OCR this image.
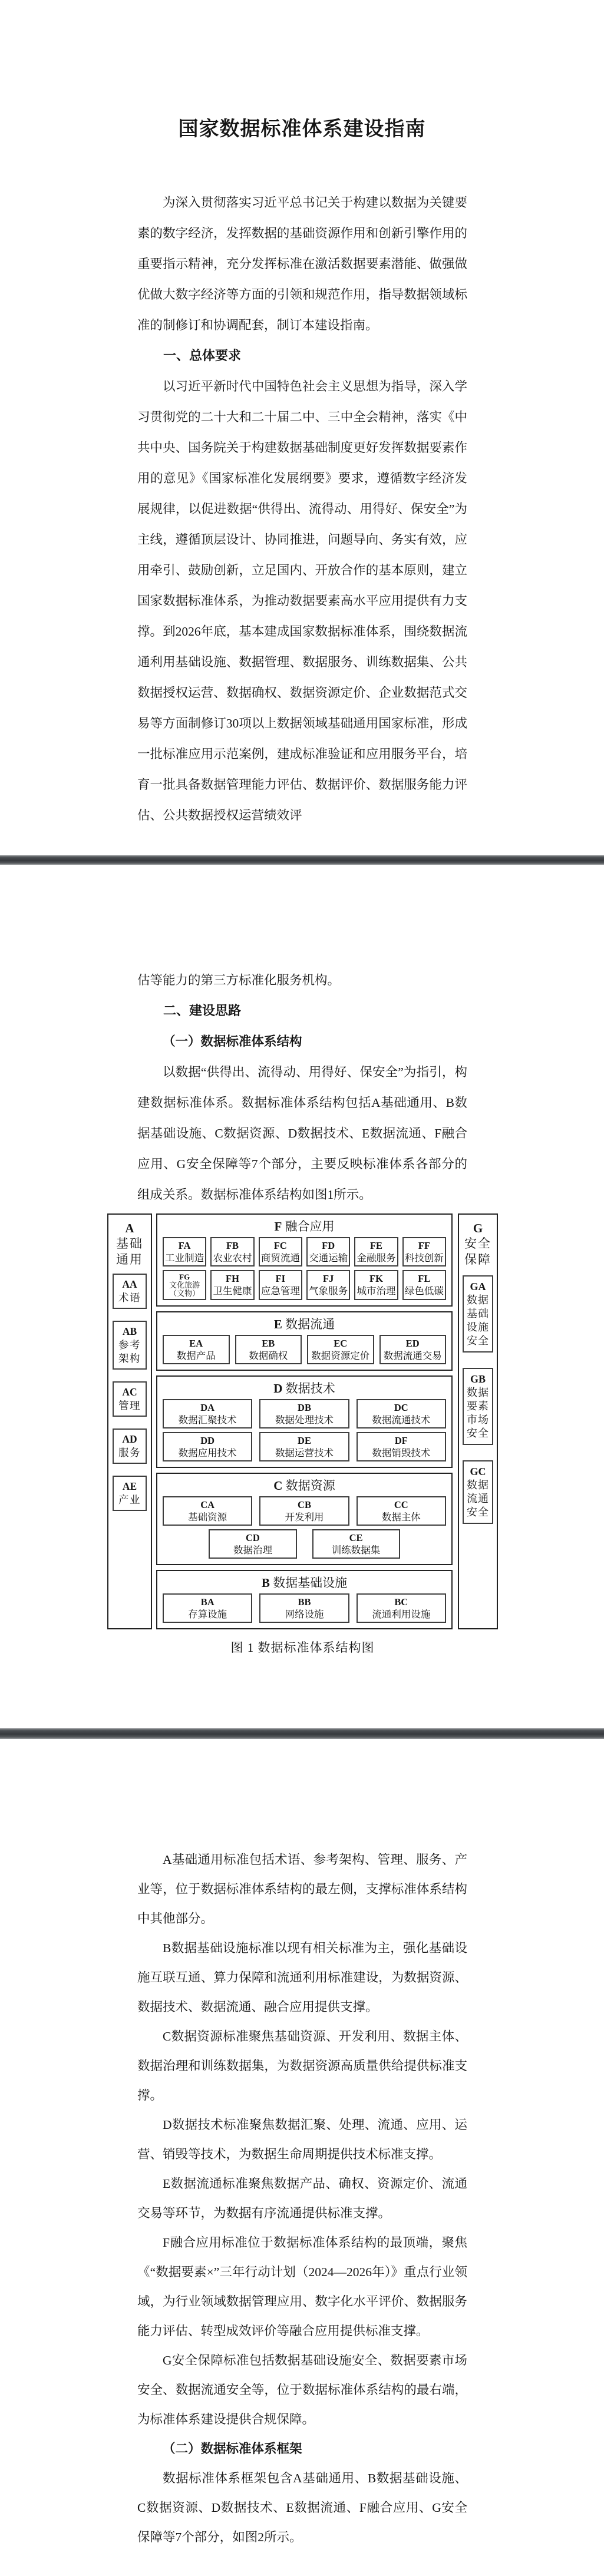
国家数据标准体系建设指南

为深入贯彻落实习近平总书记关于构建以数据为关键要素的数字经济，发挥数据的基础资源作用和创新引擎作用的重要指示精神，充分发挥标准在激活数据要素潜能、做强做优做大数字经济等方面的引领和规范作用，指导数据领域标准的制修订和协调配套，制订本建设指南。

一、总体要求

以习近平新时代中国特色社会主义思想为指导，深入学习贯彻党的二十大和二十届二中、三中全会精神，落实《中共中央、国务院关于构建数据基础制度更好发挥数据要素作用的意见》《国家标准化发展纲要》要求，遵循数字经济发展规律，以促进数据“供得出、流得动、用得好、保安全”为主线，遵循顶层设计、协同推进，问题导向、务实有效，应用牵引、鼓励创新，立足国内、开放合作的基本原则，建立国家数据标准体系，为推动数据要素高水平应用提供有力支撑。到2026年底，基本建成国家数据标准体系，围绕数据流通利用基础设施、数据管理、数据服务、训练数据集、公共数据授权运营、数据确权、数据资源定价、企业数据范式交易等方面制修订30项以上数据领域基础通用国家标准，形成一批标准应用示范案例，建成标准验证和应用服务平台，培育一批具备数据管理能力评估、数据评价、数据服务能力评估、公共数据授权运营绩效评

估等能力的第三方标准化服务机构。

二、建设思路

（一）数据标准体系结构

以数据“供得出、流得动、用得好、保安全”为指引，构建数据标准体系。数据标准体系结构包括A基础通用、B数据基础设施、C数据资源、D数据技术、E数据流通、F融合应用、G安全保障等7个部分，主要反映标准体系各部分的组成关系。数据标准体系结构如图1所示。

A
基础通用
AA
术语
AB
参考架构
AC
管理
AD
服务
AE
产业
F 融合应用
FA
工业制造
FB
农业农村
FC
商贸流通
FD
交通运输
FE
金融服务
FF
科技创新
FG
文化旅游
（文物）
FH
卫生健康
FI
应急管理
FJ
气象服务
FK
城市治理
FL
绿色低碳
E 数据流通
EA
数据产品
EB
数据确权
EC
数据资源定价
ED
数据流通交易
D 数据技术
DA
数据汇聚技术
DB
数据处理技术
DC
数据流通技术
DD
数据应用技术
DE
数据运营技术
DF
数据销毁技术
C 数据资源
CA
基础资源
CB
开发利用
CC
数据主体
CD
数据治理
CE
训练数据集
B 数据基础设施
BA
存算设施
BB
网络设施
BC
流通利用设施
G
安全保障
GA
数据基础设施安全
GB
数据要素市场安全
GC
数据流通安全
图 1 数据标准体系结构图

A基础通用标准包括术语、参考架构、管理、服务、产业等，位于数据标准体系结构的最左侧，支撑标准体系结构中其他部分。

B数据基础设施标准以现有相关标准为主，强化基础设施互联互通、算力保障和流通利用标准建设，为数据资源、数据技术、数据流通、融合应用提供支撑。

C数据资源标准聚焦基础资源、开发利用、数据主体、数据治理和训练数据集，为数据资源高质量供给提供标准支撑。

D数据技术标准聚焦数据汇聚、处理、流通、应用、运营、销毁等技术，为数据生命周期提供技术标准支撑。

E数据流通标准聚焦数据产品、确权、资源定价、流通交易等环节，为数据有序流通提供标准支撑。

F融合应用标准位于数据标准体系结构的最顶端，聚焦《“数据要素×”三年行动计划（2024—2026年）》重点行业领域，为行业领域数据管理应用、数字化水平评价、数据服务能力评估、转型成效评价等融合应用提供标准支撑。

G安全保障标准包括数据基础设施安全、数据要素市场安全、数据流通安全等，位于数据标准体系结构的最右端，为标准体系建设提供合规保障。

（二）数据标准体系框架

数据标准体系框架包含A基础通用、B数据基础设施、C数据资源、D数据技术、E数据流通、F融合应用、G安全保障等7个部分，如图2所示。
